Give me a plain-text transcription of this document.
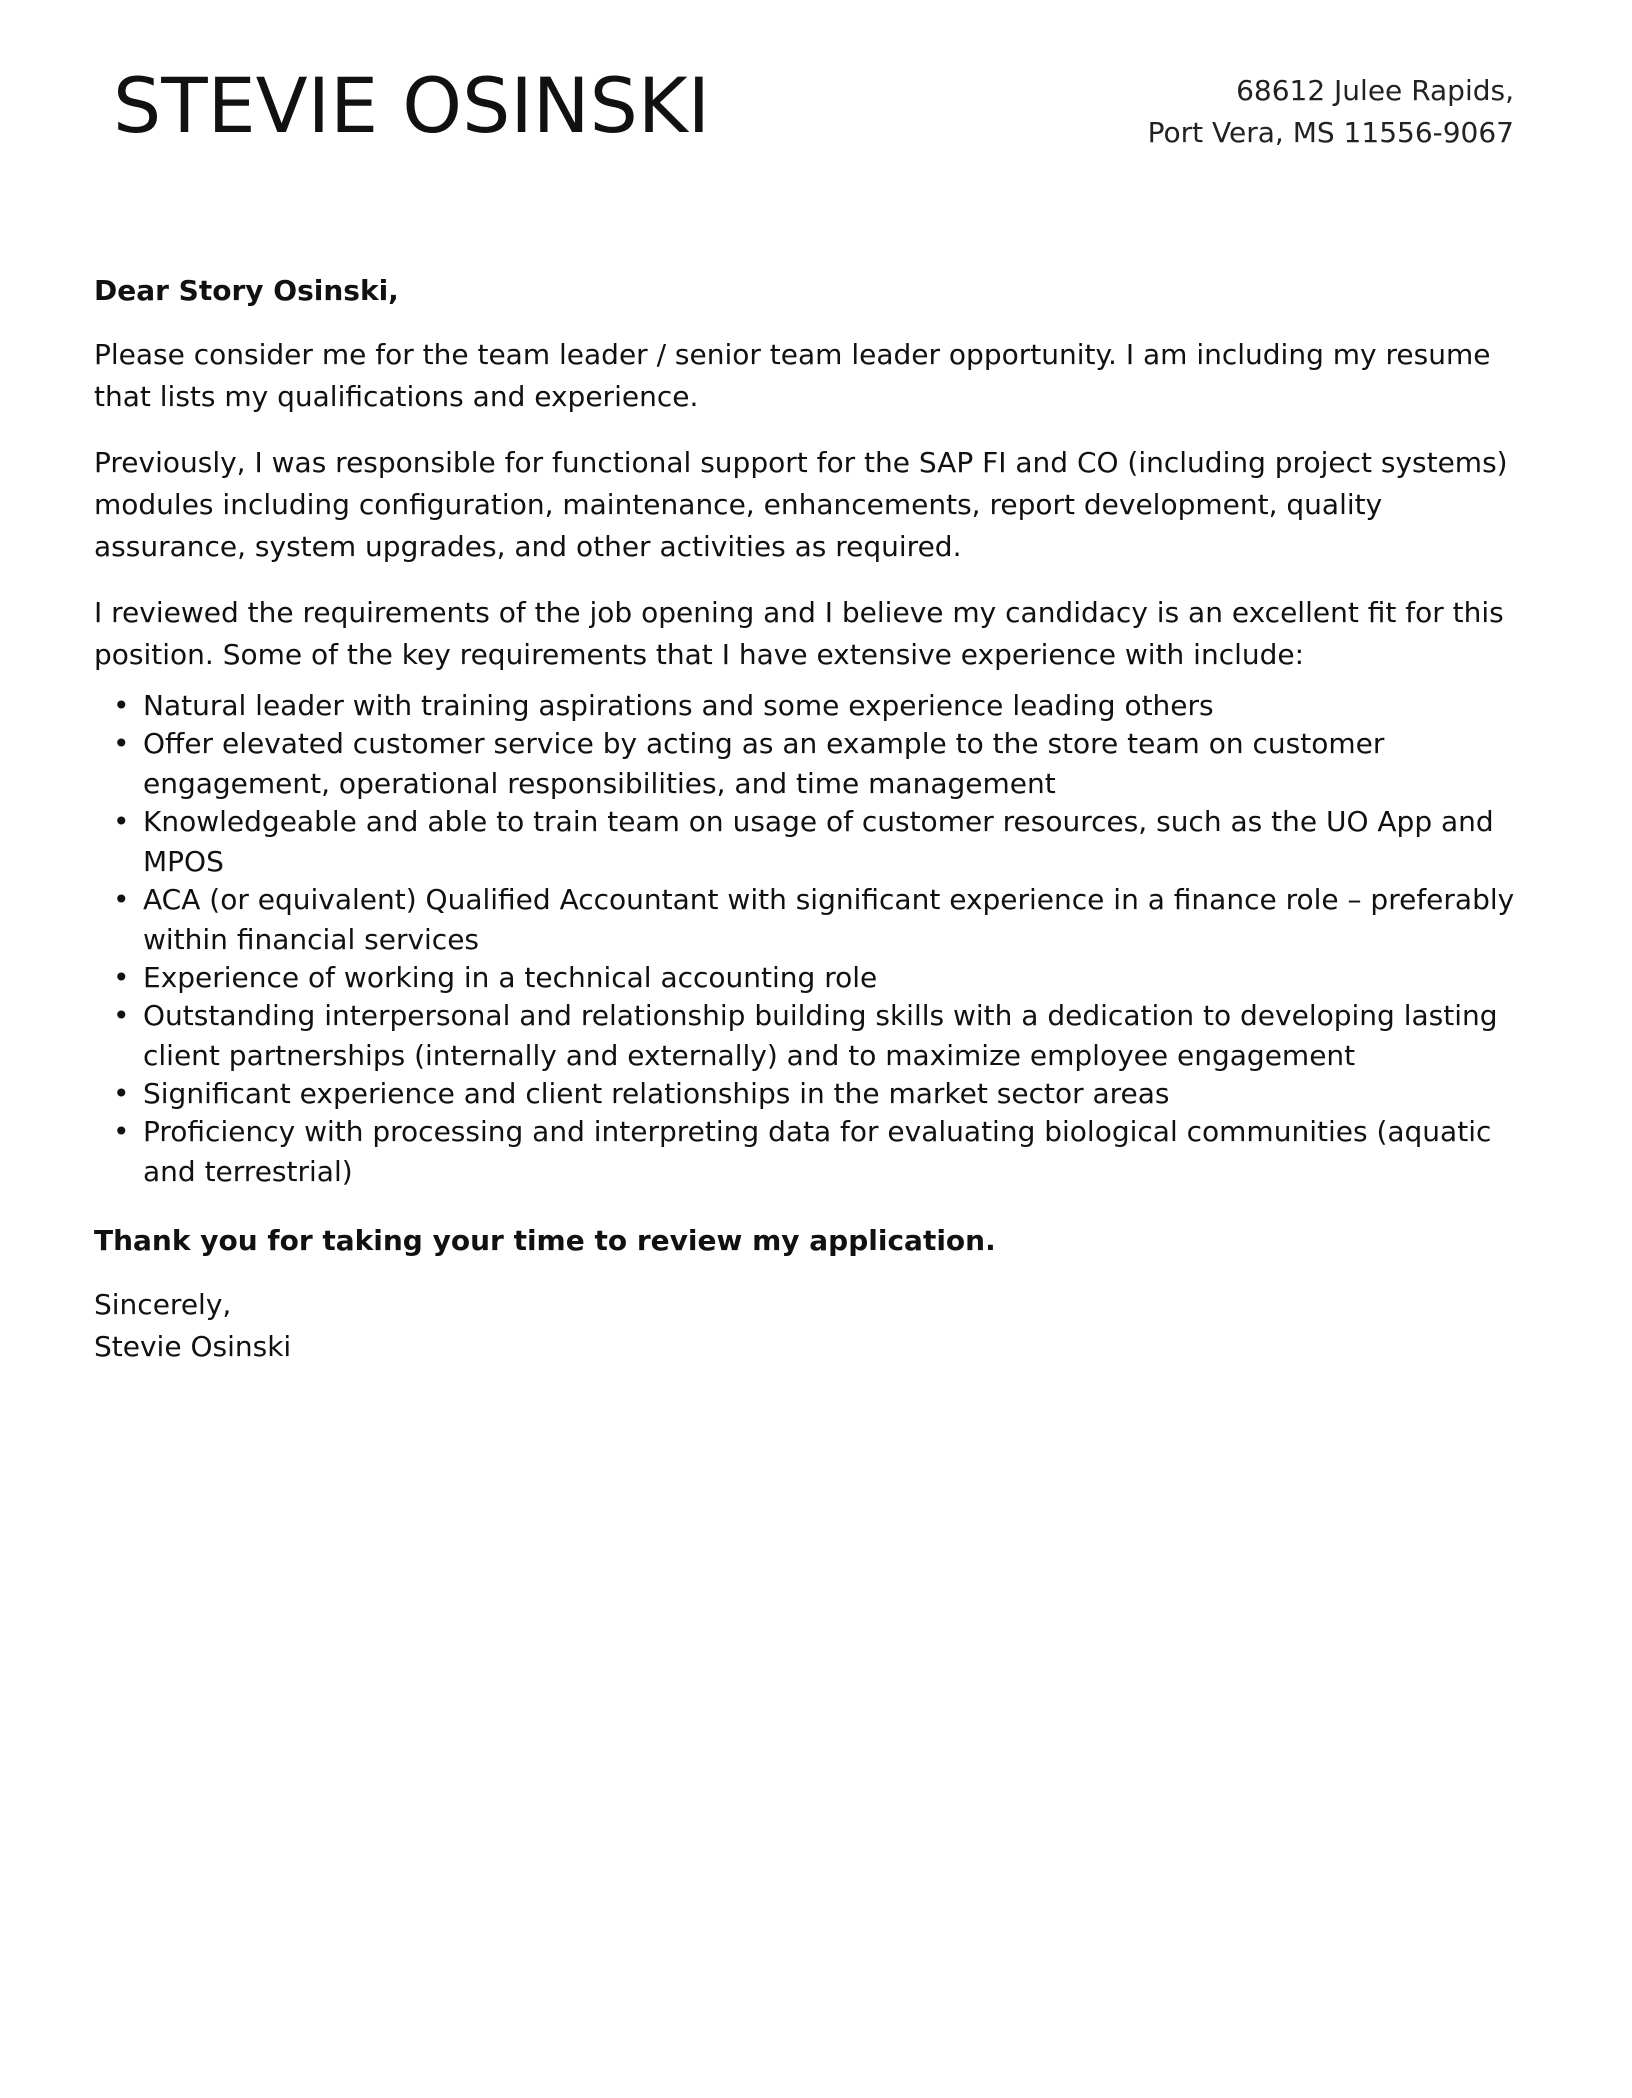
STEVIE OSINSKI	68612 Julee Rapids,
Port Vera, MS 11556-9067

Dear Story Osinski,

Please consider me for the team leader / senior team leader opportunity. I am including my resume that lists my qualifications and experience.

Previously, I was responsible for functional support for the SAP FI and CO (including project systems) modules including configuration, maintenance, enhancements, report development, quality assurance, system upgrades, and other activities as required.

I reviewed the requirements of the job opening and I believe my candidacy is an excellent fit for this position. Some of the key requirements that I have extensive experience with include:

• Natural leader with training aspirations and some experience leading others
• Offer elevated customer service by acting as an example to the store team on customer engagement, operational responsibilities, and time management
• Knowledgeable and able to train team on usage of customer resources, such as the UO App and MPOS
• ACA (or equivalent) Qualified Accountant with significant experience in a finance role – preferably within financial services
• Experience of working in a technical accounting role
• Outstanding interpersonal and relationship building skills with a dedication to developing lasting client partnerships (internally and externally) and to maximize employee engagement
• Significant experience and client relationships in the market sector areas
• Proficiency with processing and interpreting data for evaluating biological communities (aquatic and terrestrial)

Thank you for taking your time to review my application.

Sincerely,

Stevie Osinski
